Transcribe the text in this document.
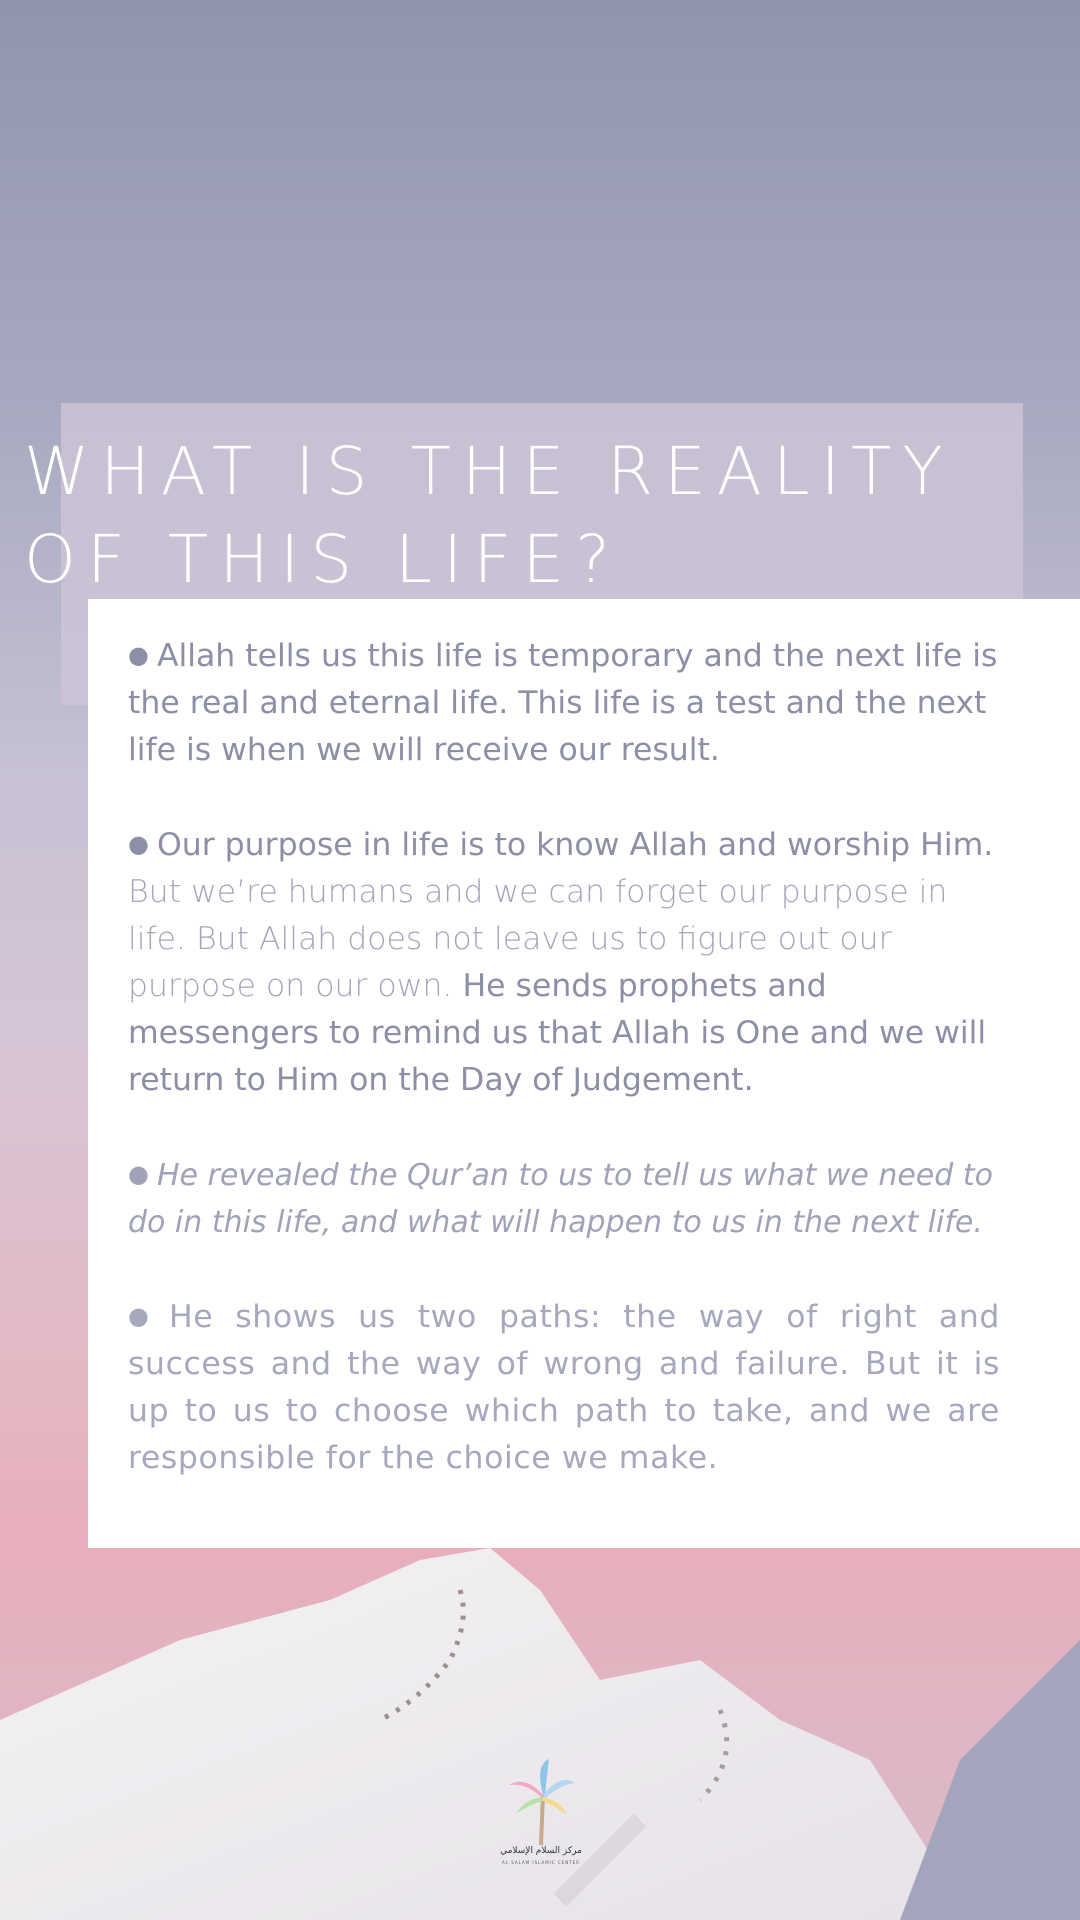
WHAT IS THE REALITY
OF THIS LIFE?

● Allah tells us this life is temporary and the next life is the real and eternal life. This life is a test and the next life is when we will receive our result.

● Our purpose in life is to know Allah and worship Him. But we’re humans and we can forget our purpose in life. But Allah does not leave us to figure out our purpose on our own. He sends prophets and messengers to remind us that Allah is One and we will return to Him on the Day of Judgement.

● He revealed the Qur’an to us to tell us what we need to do in this life, and what will happen to us in the next life.

● He shows us two paths: the way of right and success and the way of wrong and failure. But it is up to us to choose which path to take, and we are responsible for the choice we make.

مركز السلام الإسلامي
AL SALAM ISLAMIC CENTER
